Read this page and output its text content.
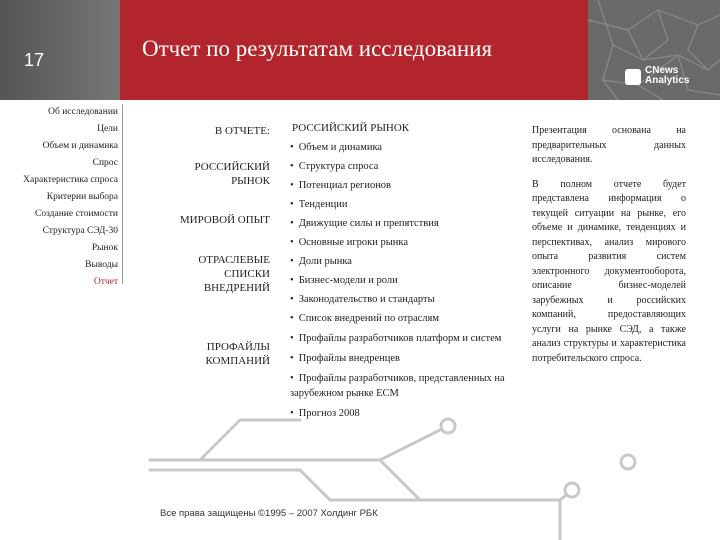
17	Отчет по результатам исследования
CNews
Analytics
Об исследовании
Цели
Объем и динамика
Спрос
Характеристика спроса
Критерии выбора
Создание стоимости
Структура СЭД-30
Рынок
Выводы
Отчет
В ОТЧЕТЕ:
РОССИЙСКИЙ РЫНОК
МИРОВОЙ ОПЫТ
ОТРАСЛЕВЫЕ СПИСКИ ВНЕДРЕНИЙ
ПРОФАЙЛЫ КОМПАНИЙ
РОССИЙСКИЙ РЫНОК
• Объем и динамика
• Структура спроса
• Потенциал регионов
• Тенденции
• Движущие силы и препятствия
• Основные игроки рынка
• Доли рынка
• Бизнес-модели и роли
• Законодательство и стандарты
• Список внедрений по отраслям
• Профайлы разработчиков платформ и систем
• Профайлы внедренцев
• Профайлы разработчиков, представленных на зарубежном рынке ECM
• Прогноз 2008

Презентация основана на предварительных данных исследования.

В полном отчете будет представлена информация о текущей ситуации на рынке, его объеме и динамике, тенденциях и перспективах, анализ мирового опыта развития систем электронного документооборота, описание бизнес-моделей зарубежных и российских компаний, предоставляющих услуги на рынке СЭД, а также анализ структуры и характеристика потребительского спроса.

Все права защищены ©1995 – 2007 Холдинг РБК
